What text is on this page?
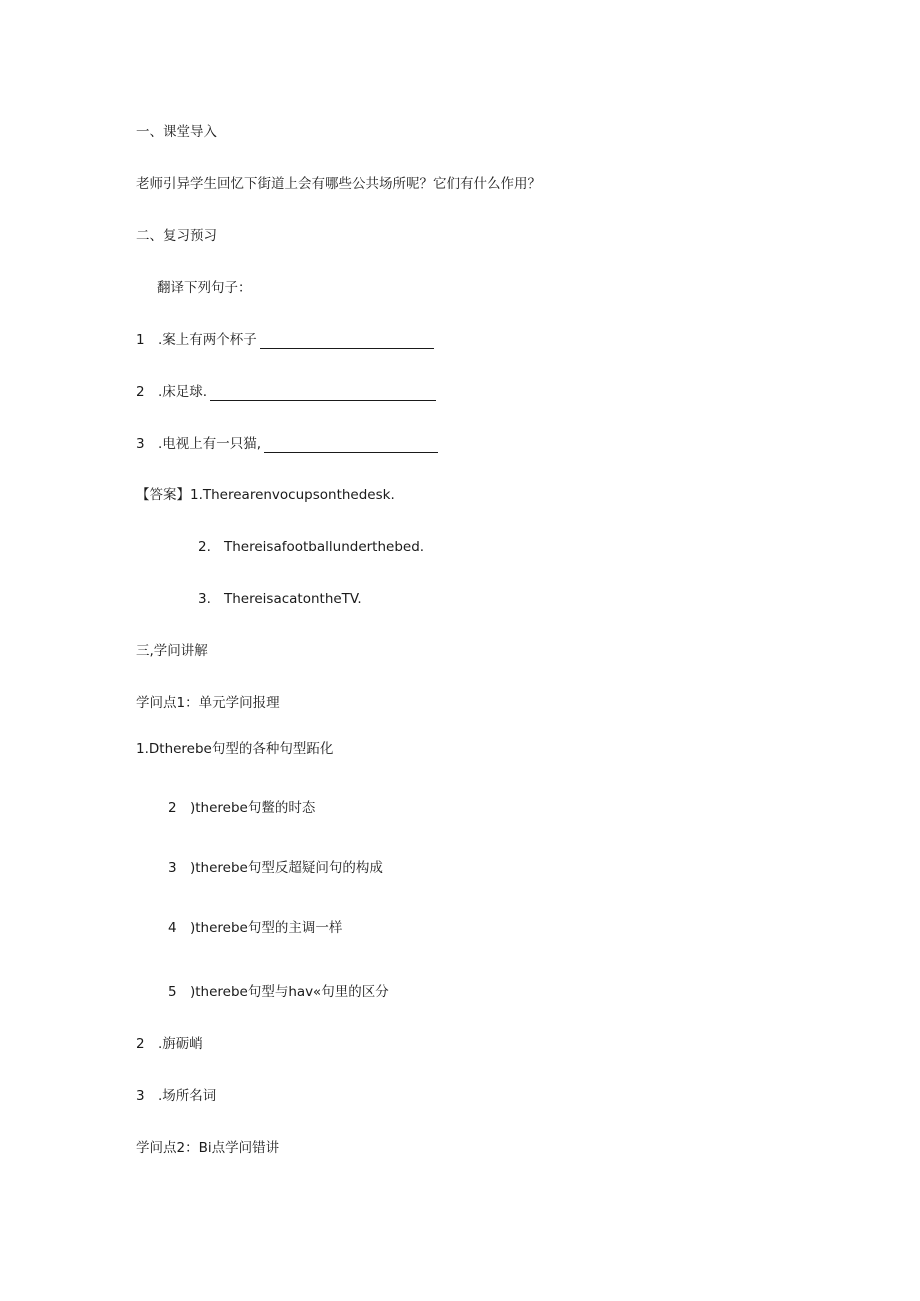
一、课堂导入
老师引异学生回忆下街道上会有哪些公共场所呢？它们有什么作用？
二、复习预习
翻译下列句子：
1 .案上有两个杯子
2 .床足球.
3 .电视上有一只猫,
【答案】1.Therearenvocupsonthedesk.
2. Thereisafootballunderthebed.
3. ThereisacatontheTV.
三,学问讲解
学问点1：单元学问报理
1.Dtherebe句型的各种句型跖化
2 )therebe句鳖的时态
3 )therebe句型反超疑问句的构成
4 )therebe句型的主调一样
5 )therebe句型与hav«句里的区分
2 .旃砺峭
3 .场所名词
学问点2：Bi点学问错讲
